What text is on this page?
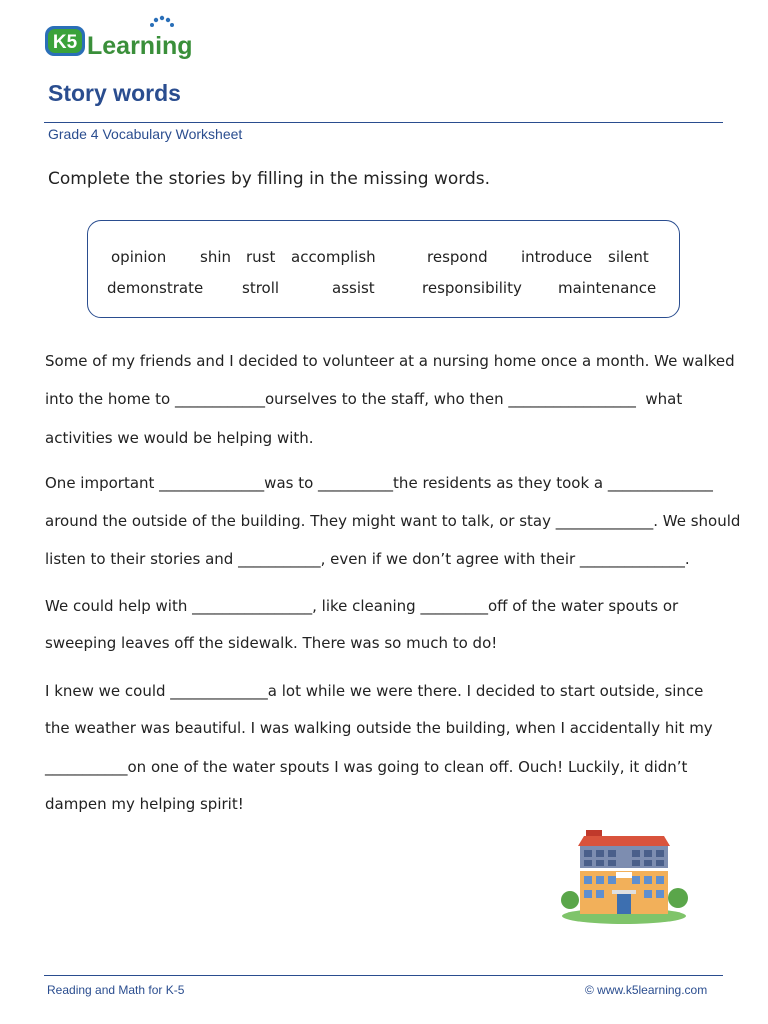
K5 Learning
Story words
Grade 4 Vocabulary Worksheet
Complete the stories by filling in the missing words.
opinion shin rust accomplish	respond introduce silent
demonstrate	stroll	assist	responsibility maintenance
Some of my friends and I decided to volunteer at a nursing home once a month. We walked
into the home to ____________ourselves to the staff, who then _________________  what
activities we would be helping with.
One important ______________was to __________the residents as they took a ______________
around the outside of the building. They might want to talk, or stay _____________. We should
listen to their stories and ___________, even if we don’t agree with their ______________.
We could help with ________________, like cleaning _________off of the water spouts or
sweeping leaves off the sidewalk. There was so much to do!
I knew we could _____________a lot while we were there. I decided to start outside, since
the weather was beautiful. I was walking outside the building, when I accidentally hit my
___________on one of the water spouts I was going to clean off. Ouch! Luckily, it didn’t
dampen my helping spirit!
Reading and Math for K-5	© www.k5learning.com
